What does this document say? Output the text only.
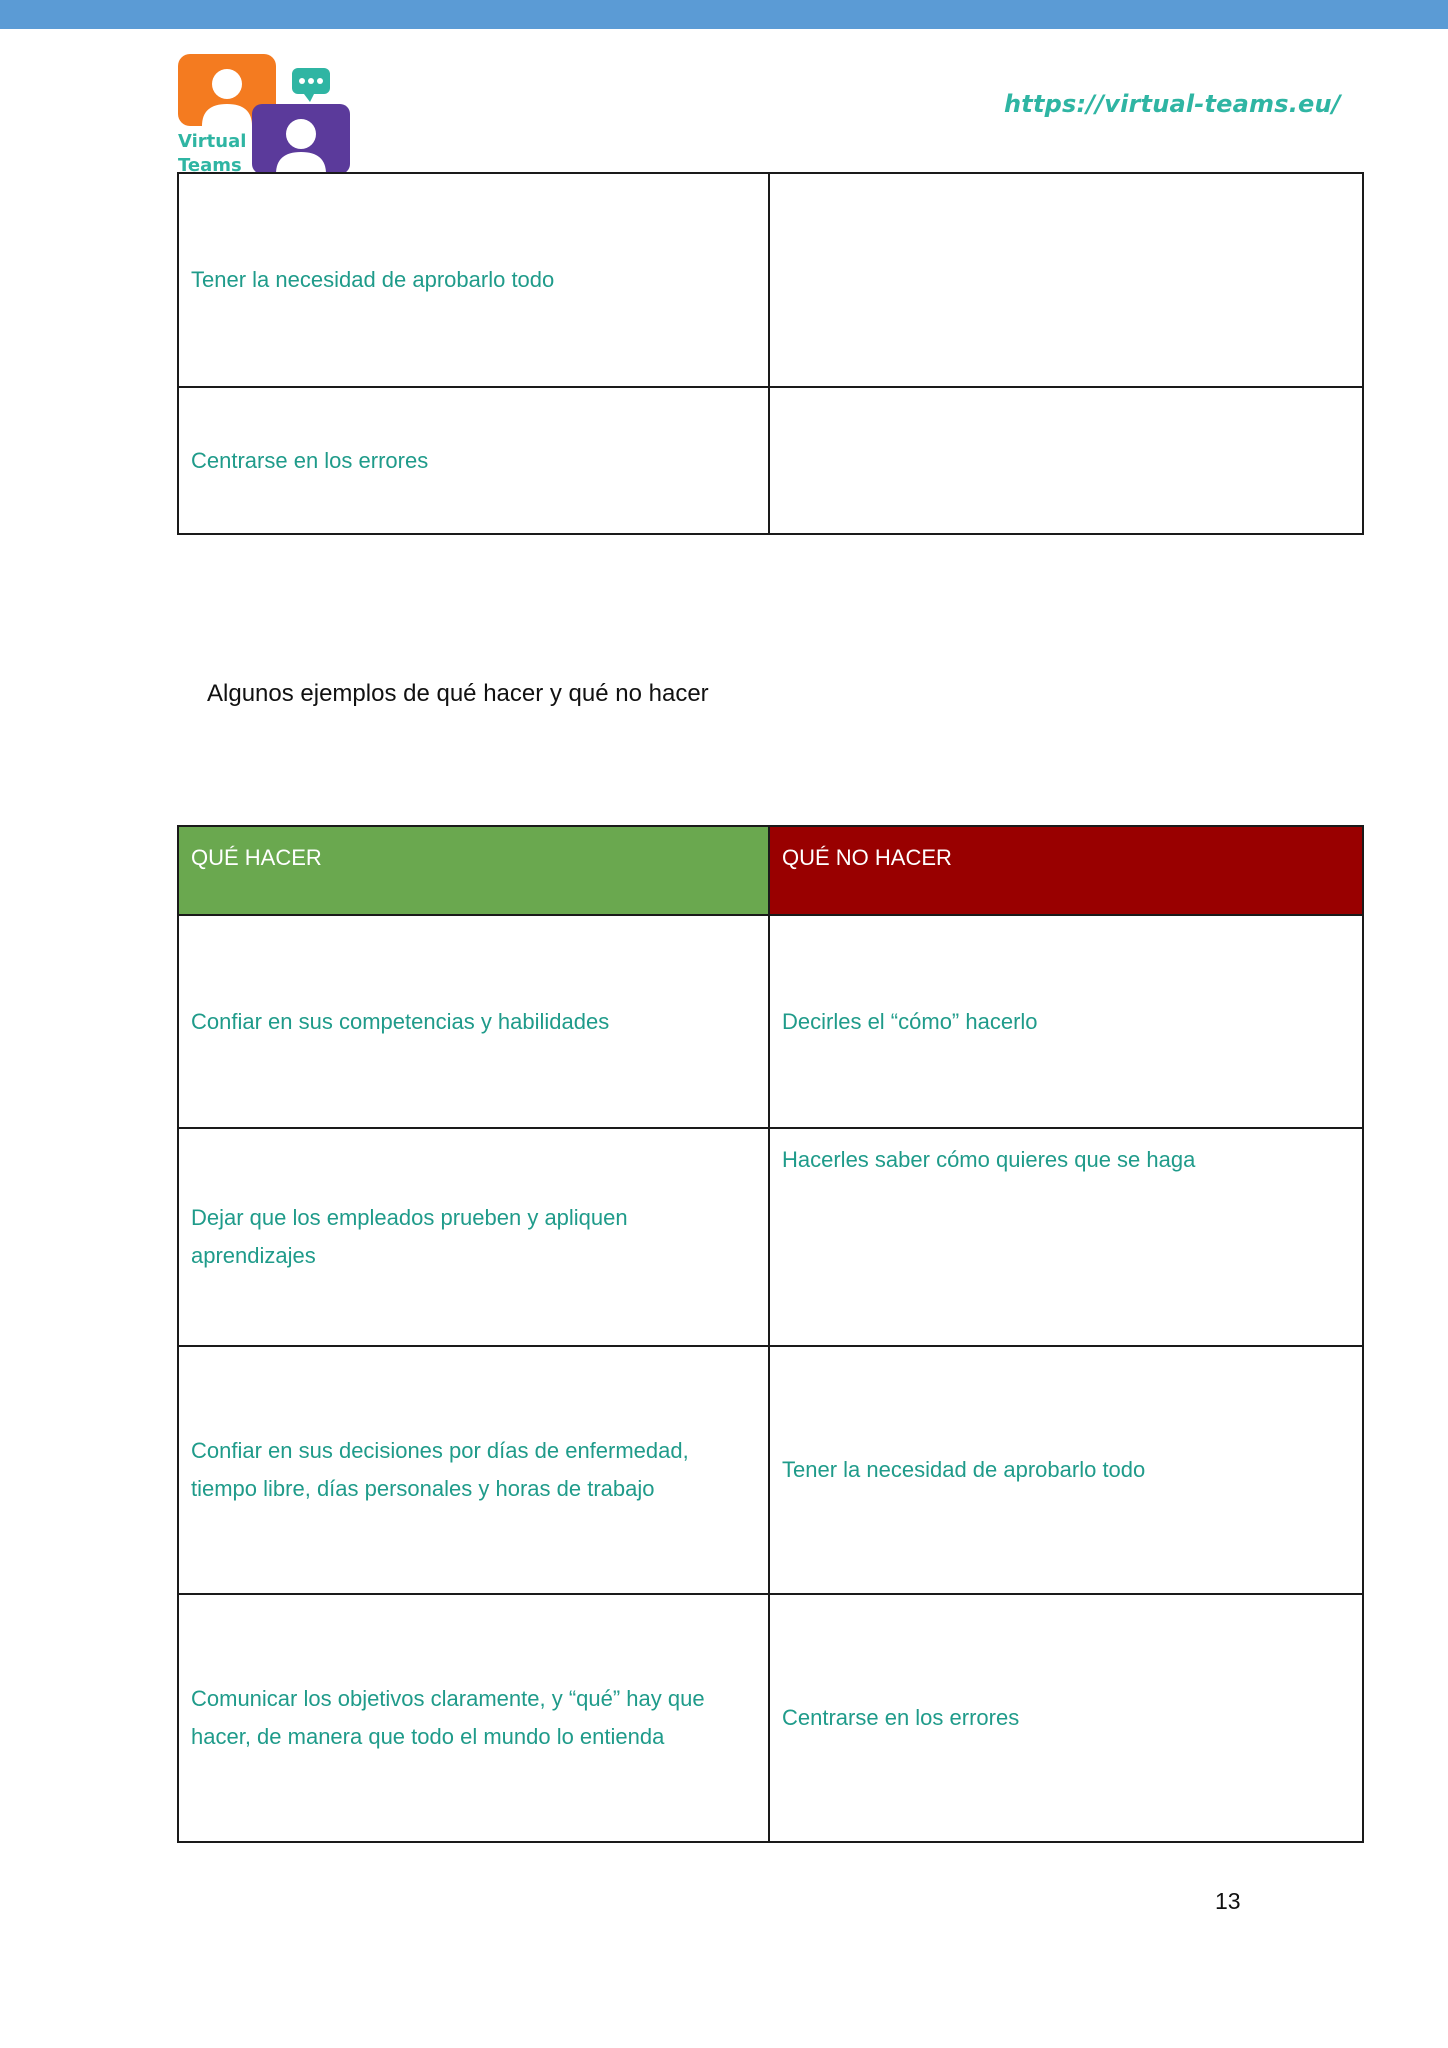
Virtual
Teams
https://virtual-teams.eu/
Tener la necesidad de aprobarlo todo	
Centrarse en los errores	
Algunos ejemplos de qué hacer y qué no hacer
QUÉ HACER	QUÉ NO HACER
Confiar en sus competencias y habilidades	Decirles el “cómo” hacerlo
Dejar que los empleados prueben y apliquen aprendizajes	Hacerles saber cómo quieres que se haga
Confiar en sus decisiones por días de enfermedad, tiempo libre, días personales y horas de trabajo	Tener la necesidad de aprobarlo todo
Comunicar los objetivos claramente, y “qué” hay que hacer, de manera que todo el mundo lo entienda	Centrarse en los errores
13
